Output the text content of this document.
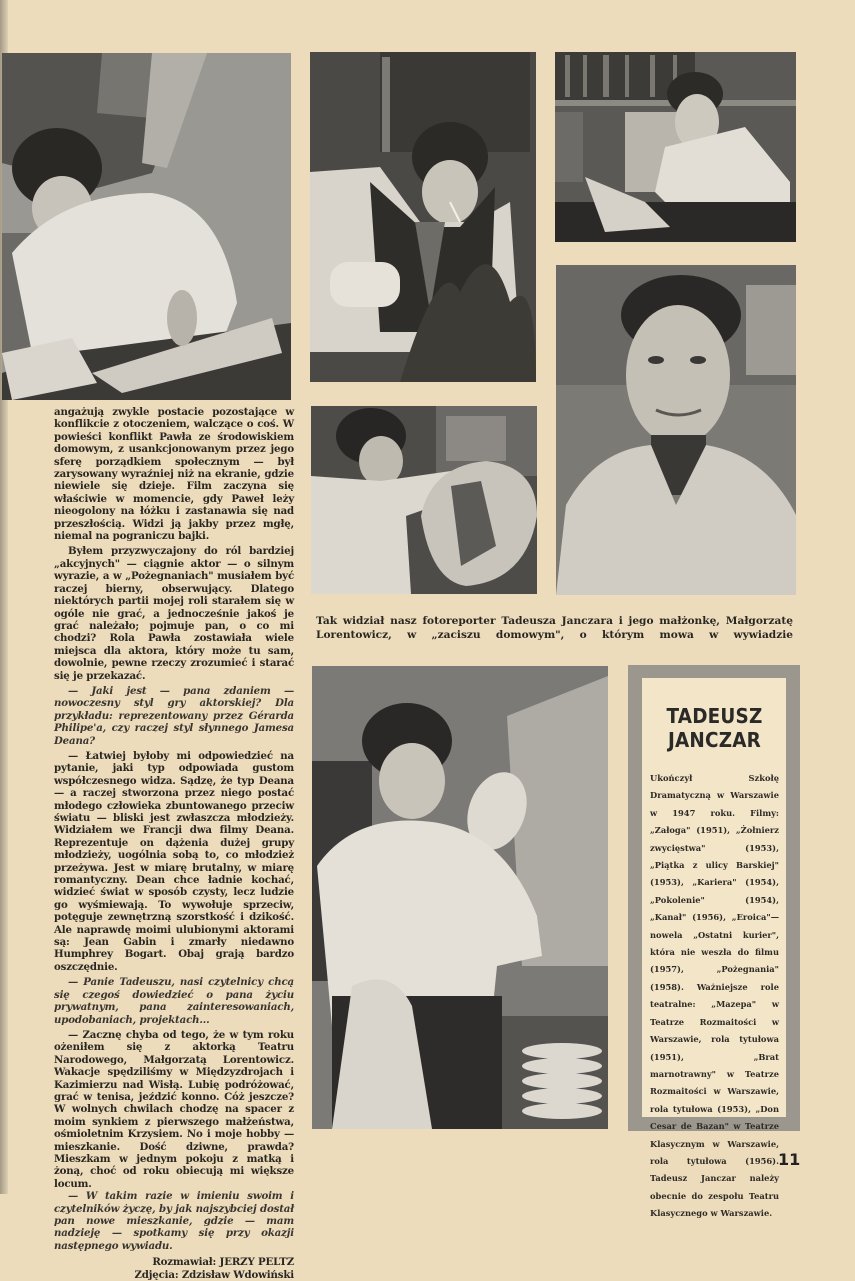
angażują zwykle postacie pozostające w konflikcie z otoczeniem, walczące o coś. W powieści konflikt Pawła ze środowiskiem domowym, z usankcjonowanym przez jego sferę porządkiem społecznym — był zarysowany wyraźniej niż na ekranie, gdzie niewiele się dzieje. Film zaczyna się właściwie w momencie, gdy Paweł leży nieogolony na łóżku i zastanawia się nad przeszłością. Widzi ją jakby przez mgłę, niemal na pograniczu bajki.

Byłem przyzwyczajony do ról bardziej „akcyjnych" — ciągnie aktor — o silnym wyrazie, a w „Pożegnaniach" musiałem być raczej bierny, obserwujący. Dlatego niektórych partii mojej roli starałem się w ogóle nie grać, a jednocześnie jakoś je grać należało; pojmuje pan, o co mi chodzi? Rola Pawła zostawiała wiele miejsca dla aktora, który może tu sam, dowolnie, pewne rzeczy zrozumieć i starać się je przekazać.

— Jaki jest — pana zdaniem — nowoczesny styl gry aktorskiej? Dla przykładu: reprezentowany przez Gérarda Philipe'a, czy raczej styl słynnego Jamesa Deana?

— Łatwiej byłoby mi odpowiedzieć na pytanie, jaki typ odpowiada gustom współczesnego widza. Sądzę, że typ Deana — a raczej stworzona przez niego postać młodego człowieka zbuntowanego przeciw światu — bliski jest zwłaszcza młodzieży. Widziałem we Francji dwa filmy Deana. Reprezentuje on dążenia dużej grupy młodzieży, uogólnia sobą to, co młodzież przeżywa. Jest w miarę brutalny, w miarę romantyczny. Dean chce ładnie kochać, widzieć świat w sposób czysty, lecz ludzie go wyśmiewają. To wywołuje sprzeciw, potęguje zewnętrzną szorstkość i dzikość. Ale naprawdę moimi ulubionymi aktorami są: Jean Gabin i zmarły niedawno Humphrey Bogart. Obaj grają bardzo oszczędnie.

— Panie Tadeuszu, nasi czytelnicy chcą się czegoś dowiedzieć o pana życiu prywatnym, pana zainteresowaniach, upodobaniach, projektach...

— Zacznę chyba od tego, że w tym roku ożeniłem się z aktorką Teatru Narodowego, Małgorzatą Lorentowicz. Wakacje spędziliśmy w Międzyzdrojach i Kazimierzu nad Wisłą. Lubię podróżować, grać w tenisa, jeździć konno. Cóż jeszcze? W wolnych chwilach chodzę na spacer z moim synkiem z pierwszego małżeństwa, ośmioletnim Krzysiem. No i moje hobby — mieszkanie. Dość dziwne, prawda? Mieszkam w jednym pokoju z matką i żoną, choć od roku obiecują mi większe locum.

— W takim razie w imieniu swoim i czytelników życzę, by jak najszybciej dostał pan nowe mieszkanie, gdzie — mam nadzieję — spotkamy się przy okazji następnego wywiadu.

Rozmawiał: JERZY PELTZ
Zdjęcia: Zdzisław Wdowiński
Tak widział nasz fotoreporter Tadeusza Janczara i jego małżonkę, Małgorzatę Lorentowicz, w „zaciszu domowym", o którym mowa w wywiadzie
TADEUSZ
JANCZAR
Ukończył Szkołę Dramatyczną w Warszawie w 1947 roku. Filmy: „Załoga" (1951), „Żołnierz zwycięstwa" (1953), „Piątka z ulicy Barskiej" (1953), „Kariera" (1954), „Pokolenie" (1954), „Kanał" (1956), „Eroica"— nowela „Ostatni kurier", która nie weszła do filmu (1957), „Pożegnania" (1958). Ważniejsze role teatralne: „Mazepa" w Teatrze Rozmaitości w Warszawie, rola tytułowa (1951), „Brat marnotrawny" w Teatrze Rozmaitości w Warszawie, rola tytułowa (1953), „Don Cesar de Bazan" w Teatrze Klasycznym w Warszawie, rola tytułowa (1956). Tadeusz Janczar należy obecnie do zespołu Teatru Klasycznego w Warszawie.
11
